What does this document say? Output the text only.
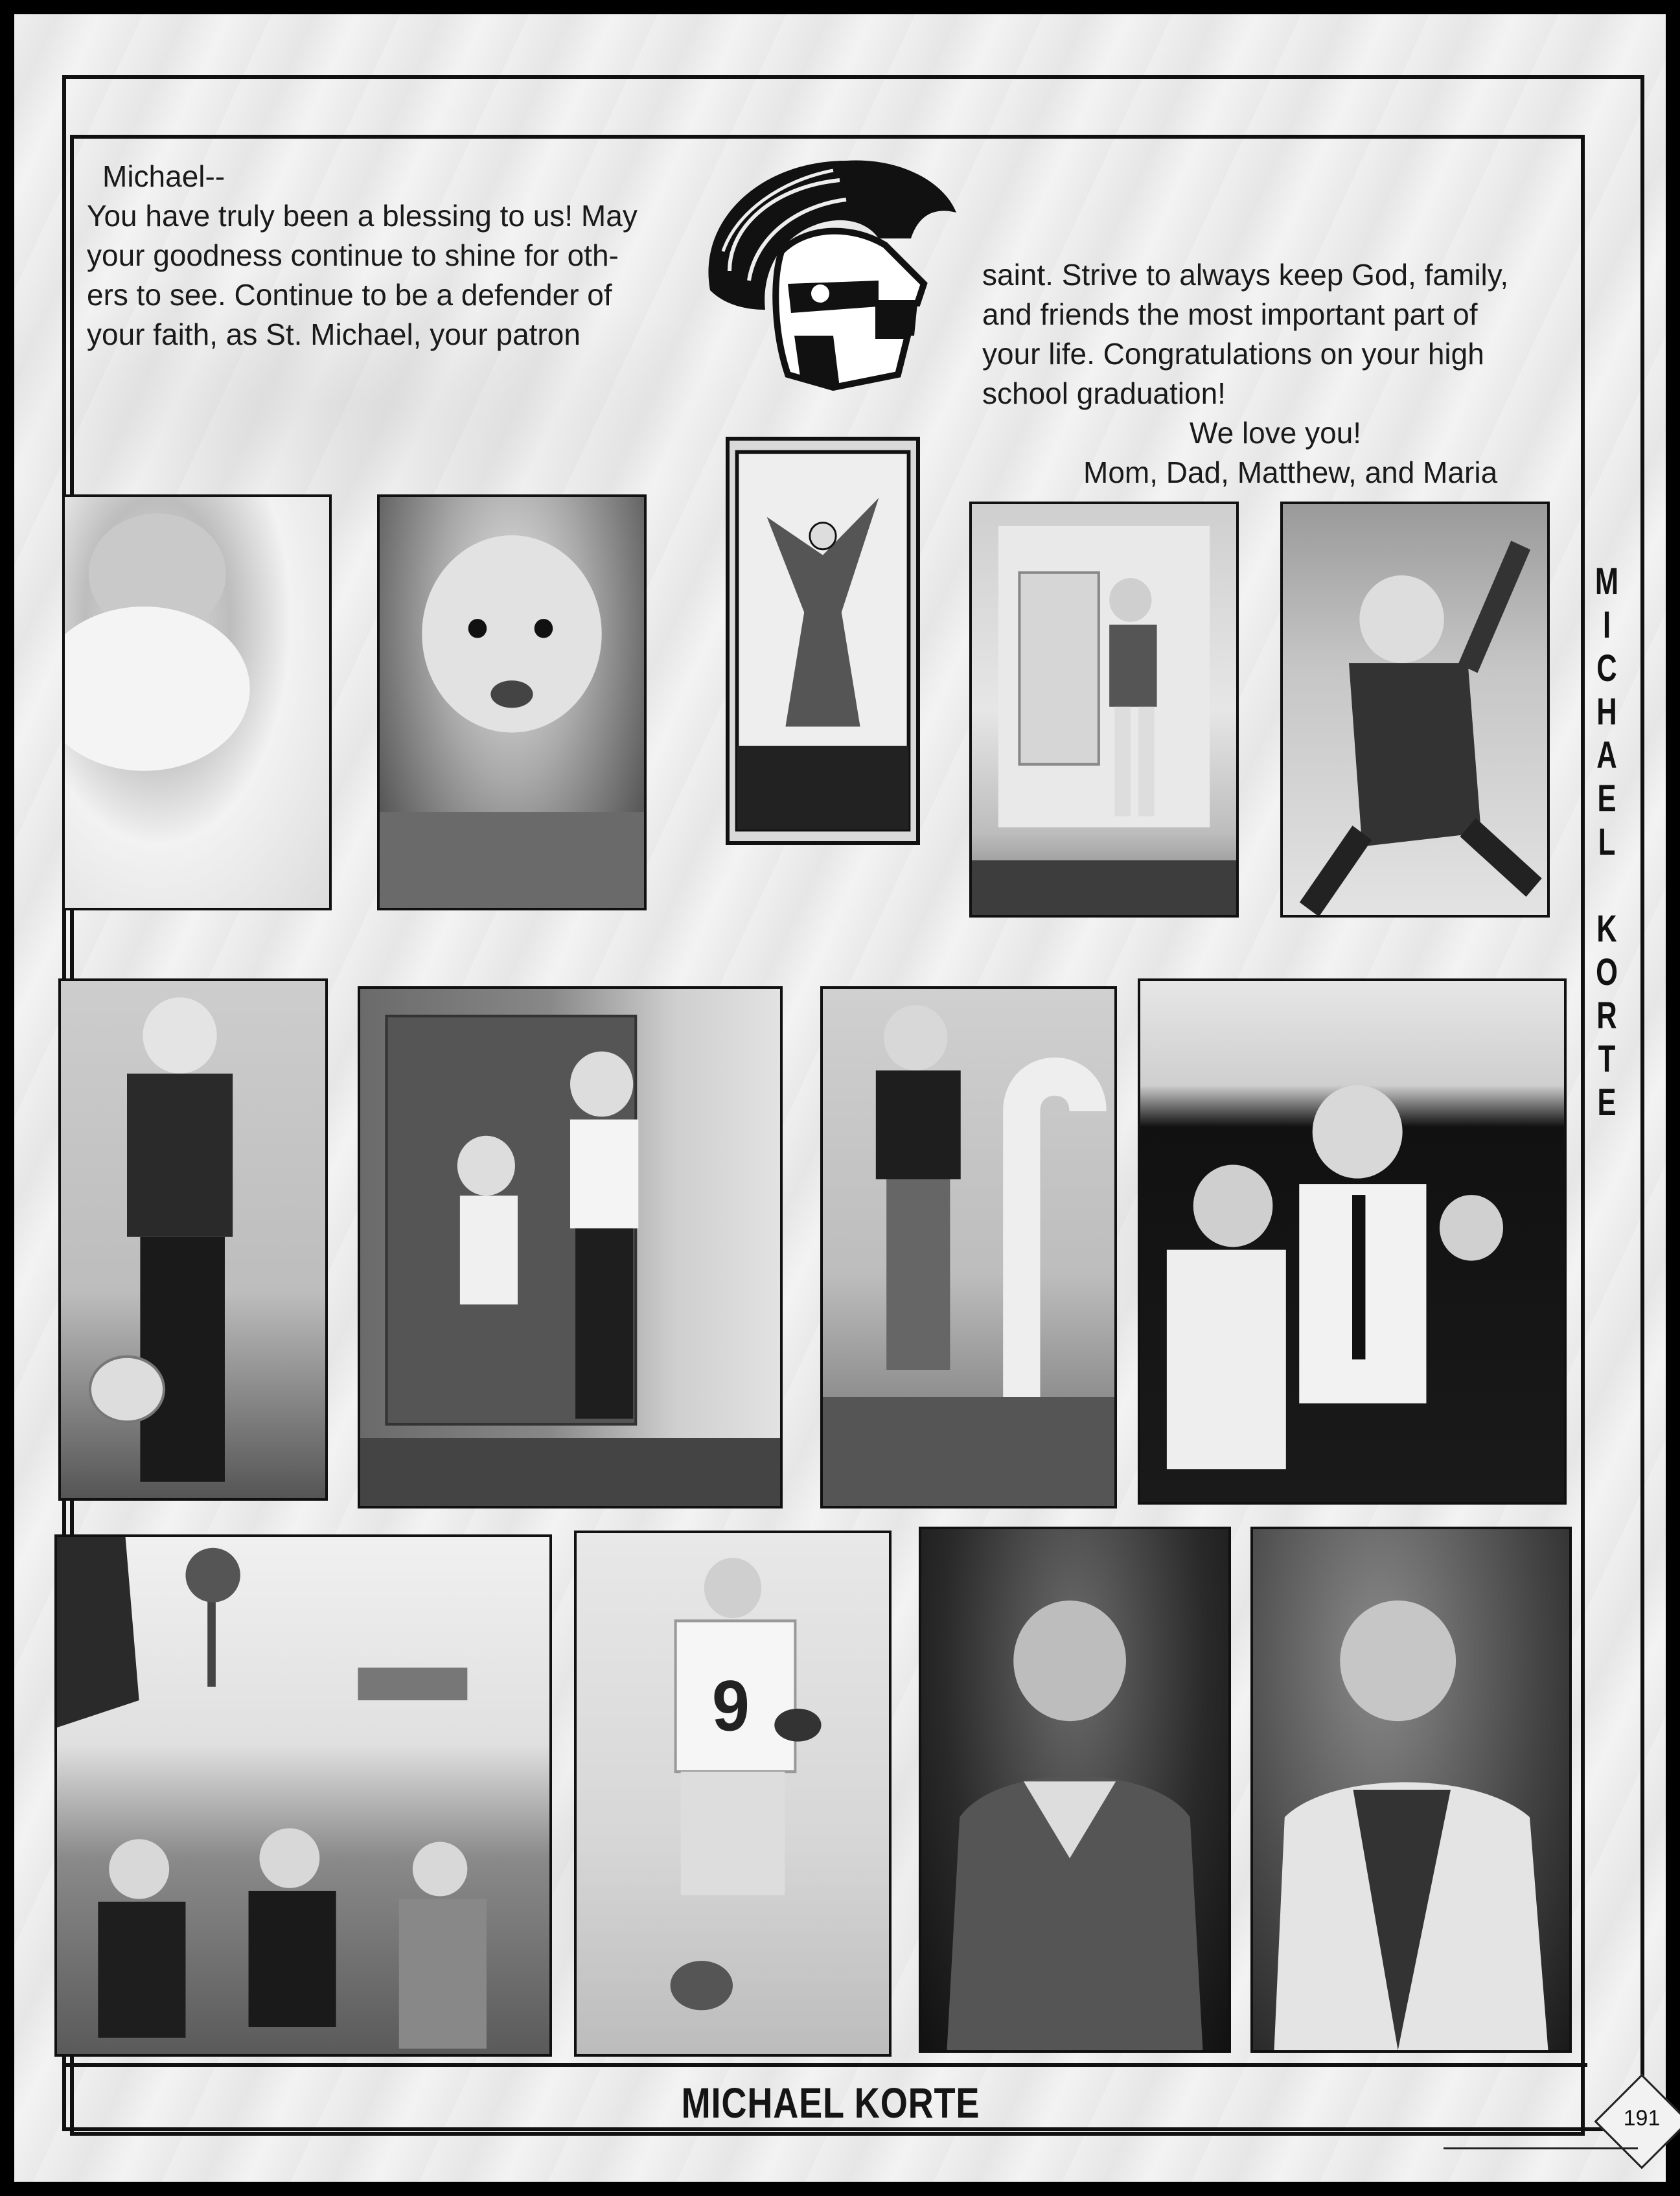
Michael--
You have truly been a blessing to us! May
your goodness continue to shine for oth-
ers to see. Continue to be a defender of
your faith, as St. Michael, your patron
saint. Strive to always keep God, family,
and friends the most important part of
your life. Congratulations on your high
school graduation!
We love you!
Mom, Dad, Matthew, and Maria
9
M
I
C
H
A
E
L

K
O
R
T
E
MICHAEL KORTE	191
